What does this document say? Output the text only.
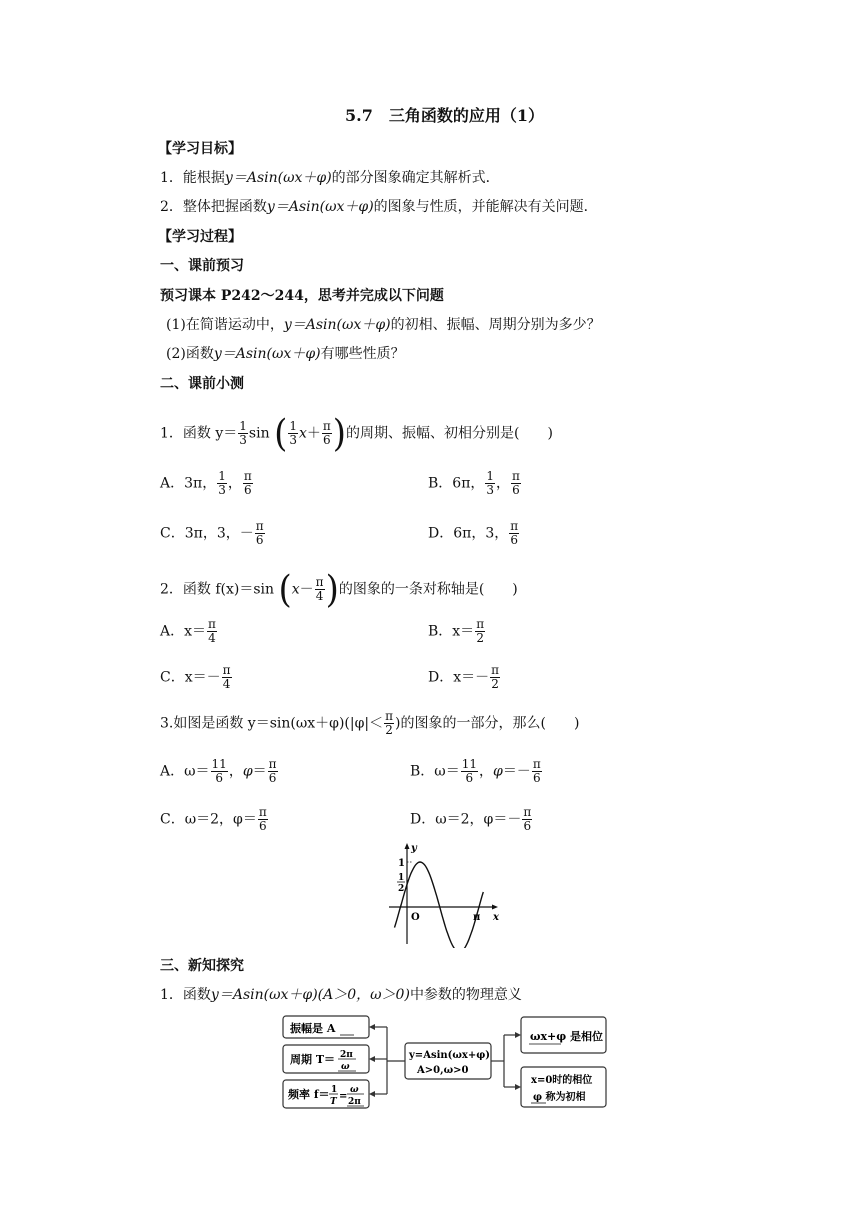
5.7　三角函数的应用（1）
【学习目标】
1．能根据y＝Asin(ωx＋φ)的部分图象确定其解析式．
2．整体把握函数y＝Asin(ωx＋φ)的图象与性质，并能解决有关问题．
【学习过程】
一、课前预习
预习课本 P242～244，思考并完成以下问题
(1)在简谐运动中，y＝Asin(ωx＋φ)的初相、振幅、周期分别为多少？
(2)函数y＝Asin(ωx＋φ)有哪些性质？
二、课前小测
1．函数 $y= \frac{1}{3}$ sin ( $\frac{1}{3} x+ \frac{\pi}{6}$ )的周期、振幅、初相分别是(　　)
A．3π， $\frac{1}{3}$ ， $\frac{\pi}{6}$	B．6π， $\frac{1}{3}$ ， $\frac{\pi}{6}$
C．3π，3，－ $\frac{\pi}{6}$	D．6π，3， $\frac{\pi}{6}$
2．函数 f(x)＝sin ($x- \frac{\pi}{4}$ )的图象的一条对称轴是(　　)
A．$x= \frac{\pi}{4}$	B．$x= \frac{\pi}{2}$
C．$x=- \frac{\pi}{4}$	D．$x=- \frac{\pi}{2}$
3.如图是函数 $y=\sin(\omega x+\varphi)(|\varphi|< \frac{\pi}{2}$ )的图象的一部分，那么(　　)
A．$\omega= \frac{11}{6}$ ，$\varphi= \frac{\pi}{6}$	B．$\omega= \frac{11}{6}$ ，$\varphi=- \frac{\pi}{6}$
C．ω＝2，$\varphi= \frac{\pi}{6}$	D．ω＝2，$\varphi=- \frac{\pi}{6}$
y
x
O
1
1
2
π
三、新知探究
1．函数y＝Asin(ωx＋φ)(A＞0，ω＞0)中参数的物理意义
振幅是 A
周期 T＝ 2π
ω
频率 f＝ 1
T =
ω
2π
y=Asin(ωx+φ)
A>0,ω>0
ωx+φ 是相位
x=0时的相位
φ 称为初相
